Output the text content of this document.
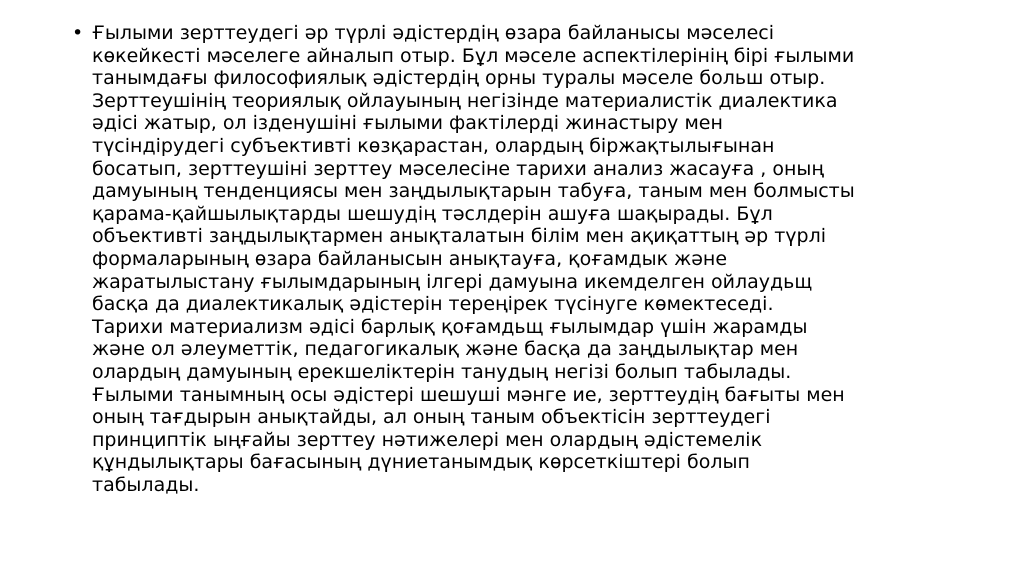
• Ғылыми зерттеудегі әр түрлі әдістердің өзара байланысы мәселесі
көкейкесті мәселеге айналып отыр. Бұл мәселе аспектілерінің бірі ғылыми
танымдағы философиялық әдістердің орны туралы мәселе больш отыр.
Зерттеушінің теориялық ойлауының негізінде материалистік диалектика
әдісі жатыр, ол ізденушіні ғылыми фактілерді жинастыру мен
түсіндірудегі субъективті көзқарастан, олардың біржақтылығынан
босатып, зерттеушіні зерттеу мәселесіне тарихи анализ жасауға , оның
дамуының тенденциясы мен заңдылықтарын табуға, таным мен болмысты
қарама-қайшылықтарды шешудің тәслдерін ашуға шақырады. Бұл
объективті заңдылықтармен анықталатын білім мен ақиқаттың әр түрлі
формаларының өзара байланысын анықтауға, қоғамдык және
жаратылыстану ғылымдарының ілгері дамуына икемделген ойлаудьщ
басқа да диалектикалық әдістерін тереңірек түсінуге көмектеседі.
Тарихи материализм әдісі барлық қоғамдьщ ғылымдар үшін жарамды
және ол әлеуметтік, педагогикалық және басқа да заңдылықтар мен
олардың дамуының ерекшеліктерін танудың негізі болып табылады.
Ғылыми танымның осы әдістері шешуші мәнге ие, зерттеудің бағыты мен
оның тағдырын анықтайды, ал оның таным объектісін зерттеудегі
принциптік ыңғайы зерттеу нәтижелері мен олардың әдістемелік
құндылықтары бағасының дүниетанымдық көрсеткіштері болып
табылады.
